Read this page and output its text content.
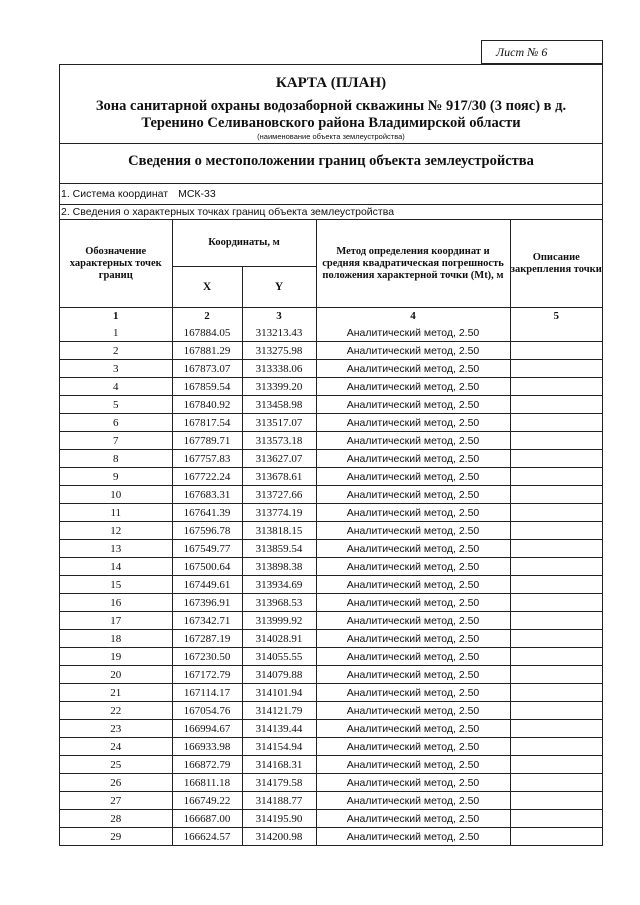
Лист № 6
КАРТА (ПЛАН)
Зона санитарной охраны водозаборной скважины № 917/30 (3 пояс) в д.
Теренино Селивановского района Владимирской области
(наименование объекта землеустройства)
Сведения о местоположении границ объекта землеустройства
1. Система координат МСК-33
2. Сведения о характерных точках границ объекта землеустройства
Обозначение характерных точек границ	Координаты, м		Метод определения координат и средняя квадратическая погрешность положения характерной точки (Mt), м	Описание закрепления точки
	X	Y		
1	2	3	4	5
1	167884.05	313213.43	Аналитический метод, 2.50	
2	167881.29	313275.98	Аналитический метод, 2.50	
3	167873.07	313338.06	Аналитический метод, 2.50	
4	167859.54	313399.20	Аналитический метод, 2.50	
5	167840.92	313458.98	Аналитический метод, 2.50	
6	167817.54	313517.07	Аналитический метод, 2.50	
7	167789.71	313573.18	Аналитический метод, 2.50	
8	167757.83	313627.07	Аналитический метод, 2.50	
9	167722.24	313678.61	Аналитический метод, 2.50	
10	167683.31	313727.66	Аналитический метод, 2.50	
11	167641.39	313774.19	Аналитический метод, 2.50	
12	167596.78	313818.15	Аналитический метод, 2.50	
13	167549.77	313859.54	Аналитический метод, 2.50	
14	167500.64	313898.38	Аналитический метод, 2.50	
15	167449.61	313934.69	Аналитический метод, 2.50	
16	167396.91	313968.53	Аналитический метод, 2.50	
17	167342.71	313999.92	Аналитический метод, 2.50	
18	167287.19	314028.91	Аналитический метод, 2.50	
19	167230.50	314055.55	Аналитический метод, 2.50	
20	167172.79	314079.88	Аналитический метод, 2.50	
21	167114.17	314101.94	Аналитический метод, 2.50	
22	167054.76	314121.79	Аналитический метод, 2.50	
23	166994.67	314139.44	Аналитический метод, 2.50	
24	166933.98	314154.94	Аналитический метод, 2.50	
25	166872.79	314168.31	Аналитический метод, 2.50	
26	166811.18	314179.58	Аналитический метод, 2.50	
27	166749.22	314188.77	Аналитический метод, 2.50	
28	166687.00	314195.90	Аналитический метод, 2.50	
29	166624.57	314200.98	Аналитический метод, 2.50	
